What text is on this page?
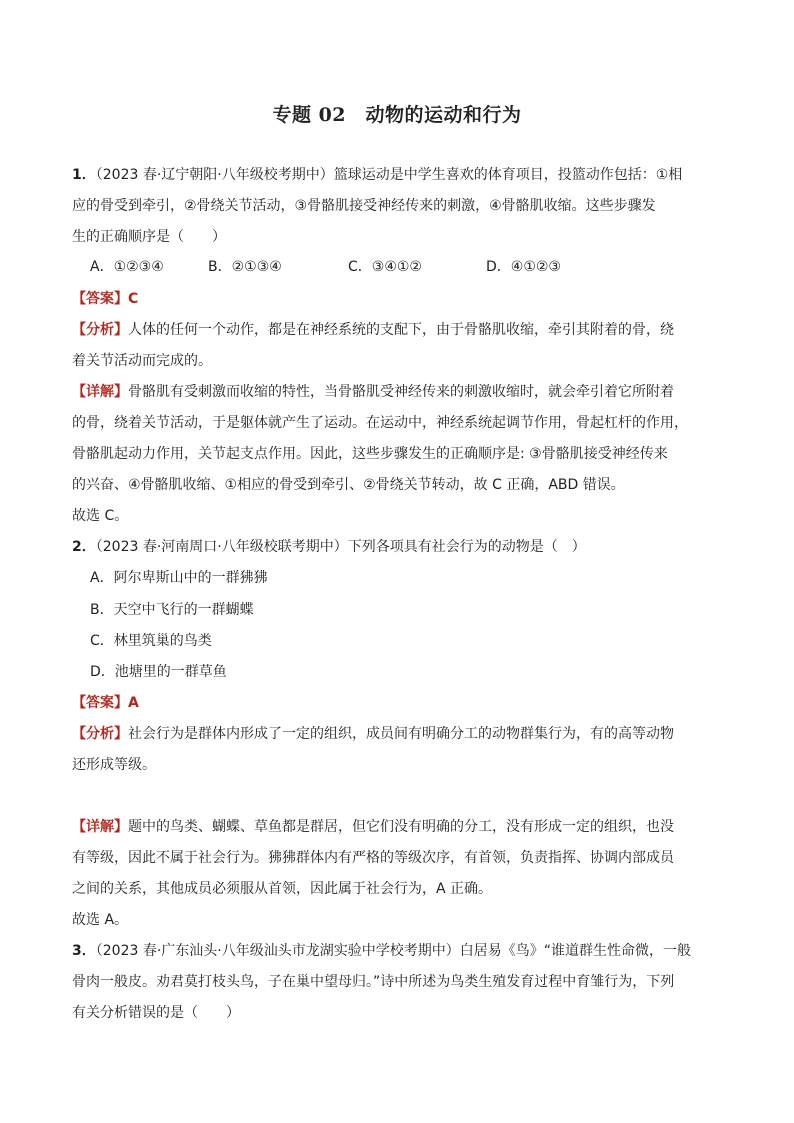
专题 02　动物的运动和行为
1．（2023 春·辽宁朝阳·八年级校考期中）篮球运动是中学生喜欢的体育项目，投篮动作包括：①相
应的骨受到牵引，②骨绕关节活动，③骨骼肌接受神经传来的刺激，④骨骼肌收缩。这些步骤发
生的正确顺序是（　　）
A．①②③④	B．②①③④	C．③④①②	D．④①②③
【答案】C
【分析】人体的任何一个动作，都是在神经系统的支配下，由于骨骼肌收缩，牵引其附着的骨，绕
着关节活动而完成的。
【详解】骨骼肌有受刺激而收缩的特性，当骨骼肌受神经传来的刺激收缩时，就会牵引着它所附着
的骨，绕着关节活动，于是躯体就产生了运动。在运动中，神经系统起调节作用，骨起杠杆的作用，
骨骼肌起动力作用，关节起支点作用。因此，这些步骤发生的正确顺序是: ③骨骼肌接受神经传来
的兴奋、④骨骼肌收缩、①相应的骨受到牵引、②骨绕关节转动，故 C 正确，ABD 错误。
故选 C。
2．（2023 春·河南周口·八年级校联考期中）下列各项具有社会行为的动物是（　）
A．阿尔卑斯山中的一群狒狒
B．天空中飞行的一群蝴蝶
C．林里筑巢的鸟类
D．池塘里的一群草鱼
【答案】A
【分析】社会行为是群体内形成了一定的组织，成员间有明确分工的动物群集行为，有的高等动物
还形成等级。
【详解】题中的鸟类、蝴蝶、草鱼都是群居，但它们没有明确的分工，没有形成一定的组织，也没
有等级，因此不属于社会行为。狒狒群体内有严格的等级次序，有首领，负责指挥、协调内部成员
之间的关系，其他成员必须服从首领，因此属于社会行为，A 正确。
故选 A。
3．（2023 春·广东汕头·八年级汕头市龙湖实验中学校考期中）白居易《鸟》“谁道群生性命微，一般
骨肉一般皮。劝君莫打枝头鸟，子在巢中望母归。”诗中所述为鸟类生殖发育过程中育雏行为，下列
有关分析错误的是（　　）
